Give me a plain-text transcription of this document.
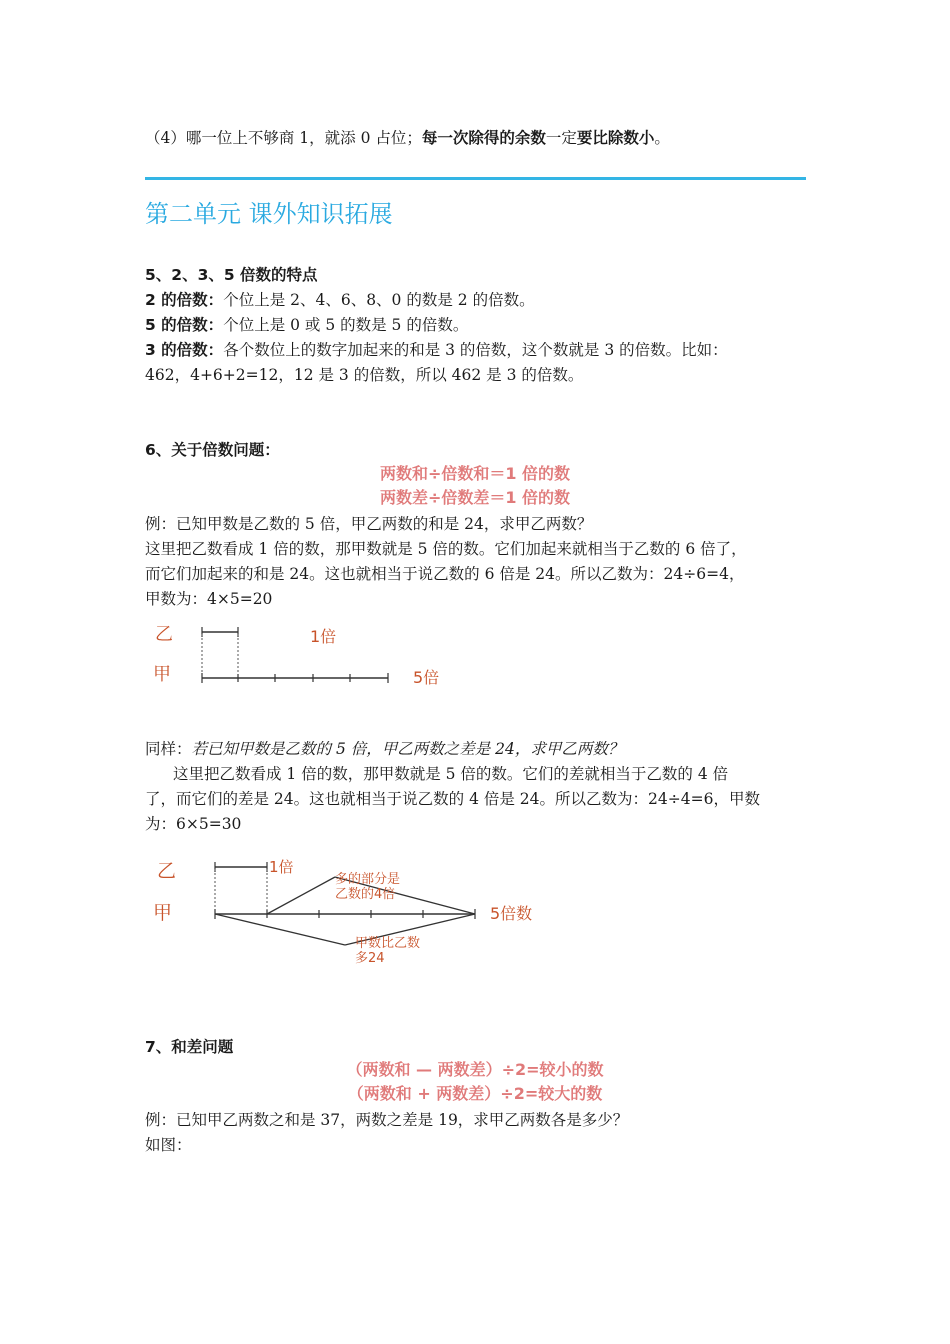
（4）哪一位上不够商 1，就添 0 占位；每一次除得的余数一定要比除数小。
第二单元 课外知识拓展
5、2、3、5 倍数的特点
2 的倍数：个位上是 2、4、6、8、0 的数是 2 的倍数。
5 的倍数：个位上是 0 或 5 的数是 5 的倍数。
3 的倍数：各个数位上的数字加起来的和是 3 的倍数，这个数就是 3 的倍数。比如：
462，4+6+2=12，12 是 3 的倍数，所以 462 是 3 的倍数。
6、关于倍数问题：
两数和÷倍数和＝1 倍的数
两数差÷倍数差＝1 倍的数
例：已知甲数是乙数的 5 倍，甲乙两数的和是 24，求甲乙两数？
这里把乙数看成 1 倍的数，那甲数就是 5 倍的数。它们加起来就相当于乙数的 6 倍了，
而它们加起来的和是 24。这也就相当于说乙数的 6 倍是 24。所以乙数为：24÷6=4，
甲数为：4×5=20
乙
甲
1倍
5倍
同样：若已知甲数是乙数的 5 倍，甲乙两数之差是 24，求甲乙两数？
这里把乙数看成 1 倍的数，那甲数就是 5 倍的数。它们的差就相当于乙数的 4 倍
了，而它们的差是 24。这也就相当于说乙数的 4 倍是 24。所以乙数为：24÷4=6，甲数
为：6×5=30
乙
甲
1倍
多的部分是
乙数的4倍
甲数比乙数
多24
5倍数
7、和差问题
（两数和 — 两数差）÷2=较小的数
（两数和 + 两数差）÷2=较大的数
例：已知甲乙两数之和是 37，两数之差是 19，求甲乙两数各是多少？
如图：
